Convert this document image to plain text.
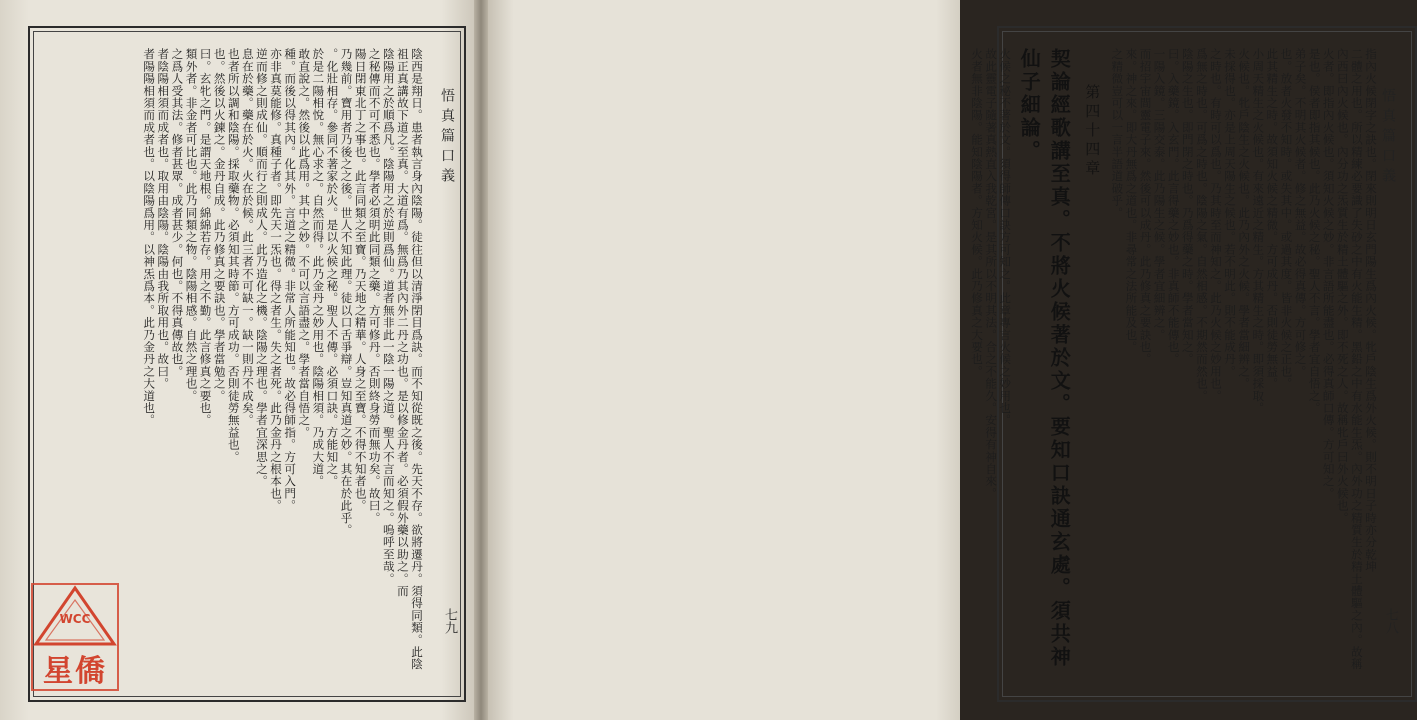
悟真篇口義
陰西是翔日。患者執言身內陰陽。徒往但以清淨閉目爲訣。而不知從既之後。先天不存。欲將遷丹。須得同類。此陰
祖正真講故下道之至真。大道有爲。無爲乃其內外二丹之功也。是以修金丹者。必須假外藥以助之。而
陰陽用之於順爲凡。陰陽用之於逆則爲仙。道者無非此一陰一陽之道。聖人不言而知之。嗚呼至哉。
之秘傳而不可不悉也。學者必須明此同類之藥。方可修丹。否則終身勞而無功矣。故曰。
陽日閉東北丁之事也。此言同類之至寶。乃天地之精華。人身之至寶。不得不知者也。
乃幾前。寶用者乃後之之後。世人不知此理。徒以口舌爭辯。豈知真道之妙。其在於此乎。
。化壯相存。參同不著家於火。是以火候之秘。聖人不傳。必須口訣。方能知之。
於是二陽相悅。無心求之。自然而得。此乃金丹之妙用也。陰陽相須。乃成大道。
敢直說之。然後以此爲用。其中之妙。不可以言語盡之。學者當自悟之。
種。而後以得其內。化其外。言道之精微。非常人所能知也。故必得師指。方可入門。
亦非真莫能修。真種子者。即先天一炁也。得之者生。失之者死。此乃金丹之根本也。
逆而修之則成仙。順而行之則成人。此乃造化之機。陰陽之理也。學者宜深思之。
息在於藥。藥在於火。火在於候。此三者不可缺一。缺一則丹不成矣。
也者所以調和陰陽。採取藥物。必須知其時節。方可成功。否則徒勞無益也。
也。然後以火鍊之。金丹自成。此乃修真之要訣也。學者當勉之。
曰。玄牝之門。是謂天地根。綿綿若存。用之不勤。此言修真之要也。
類外者。非金者可比也。此乃同類之物。陰陽相感。自然之理也。
之爲人受其法。修者甚眾。成者甚少。何也。不得真傳故也。
者陰陽相須而成者也。取用由陰陽。陰陽由我所取用也。故曰。
者陽陽相須而成者也。以陰陽爲用。以神炁爲本。此乃金丹之大道也。
七九
WCC
星僑
悟真篇口義
指內火候閉字之訣也。閉來則明日玄門陽生爲內火候。牝戶陰生爲外火候。則不明日子時亦分乾坤
二體之用也。所以精練必要識了失砂之中有火能生精。黑鉛之中有水能生炁。內外功之精質生於精土體驅之內。故稱
內西曰內火候也。內分功之炁質生於精土體驅之外。即不死之人。故稱牝戶曰外火候也。
火者。即指內火候也。須知火候之妙。非言語所能盡也。必得真師口傳。方可知之。
是也。侯者即指其候也。此乃火候之秘。聖人不言。學者宜自悟之。
弟子矣。不明其火候者。修之無益。故必得真傳。方可修之。
也。放者火發不知時。或失其中。或過其度。皆非火候之正也。
此其精生之時。故須知火候之精微。方可成丹。否則徒勞無益。
小周天精生之火候也。有來遠近之精生。方其精生之時。即須採取。
火候也。牝戶陰生之火候也。此乃內外之火候。學者當細辨之。
未採得也。亦是上周天陽生之候也。若不明此。則不能成丹。
之時也。有時可以爲也。乃其時至而神知之。此乃火候之妙用也。
爲無之時也。可爲之時也。陰陽之氣。自然相感。不期然而然也。
陰陽之生也。即門閉之時也。乃爲得藥之時。學者當知之。
曰。入藥鏡。入玄門。此言得藥之妙也。非真師不能傳也。
一陽入鏡。三陽交泰。此乃陽生之候。學者宜細辨之。
而招宇宙間靈電子來。然後可以成丹。此乃修真之要訣也。
來。神之來。即大丹無爲之道也。非尋常之法所能及也。
之精微豈可以一言半語道破乎。
第四十四章
契論經歌講至真。不將火候著於文。要知口訣通玄處。須共神仙子細論。
火候之秘不著於文。須得師傳口訣方可知之。此章專言火候之妙用也。
故此靈電子隨著真熱直入我乾宮。是其所以不明其法。合之不能久。安得有神自來。
火者無非陰陽。能知陰陽者。方知火候。此乃修真之大要也。
七八
